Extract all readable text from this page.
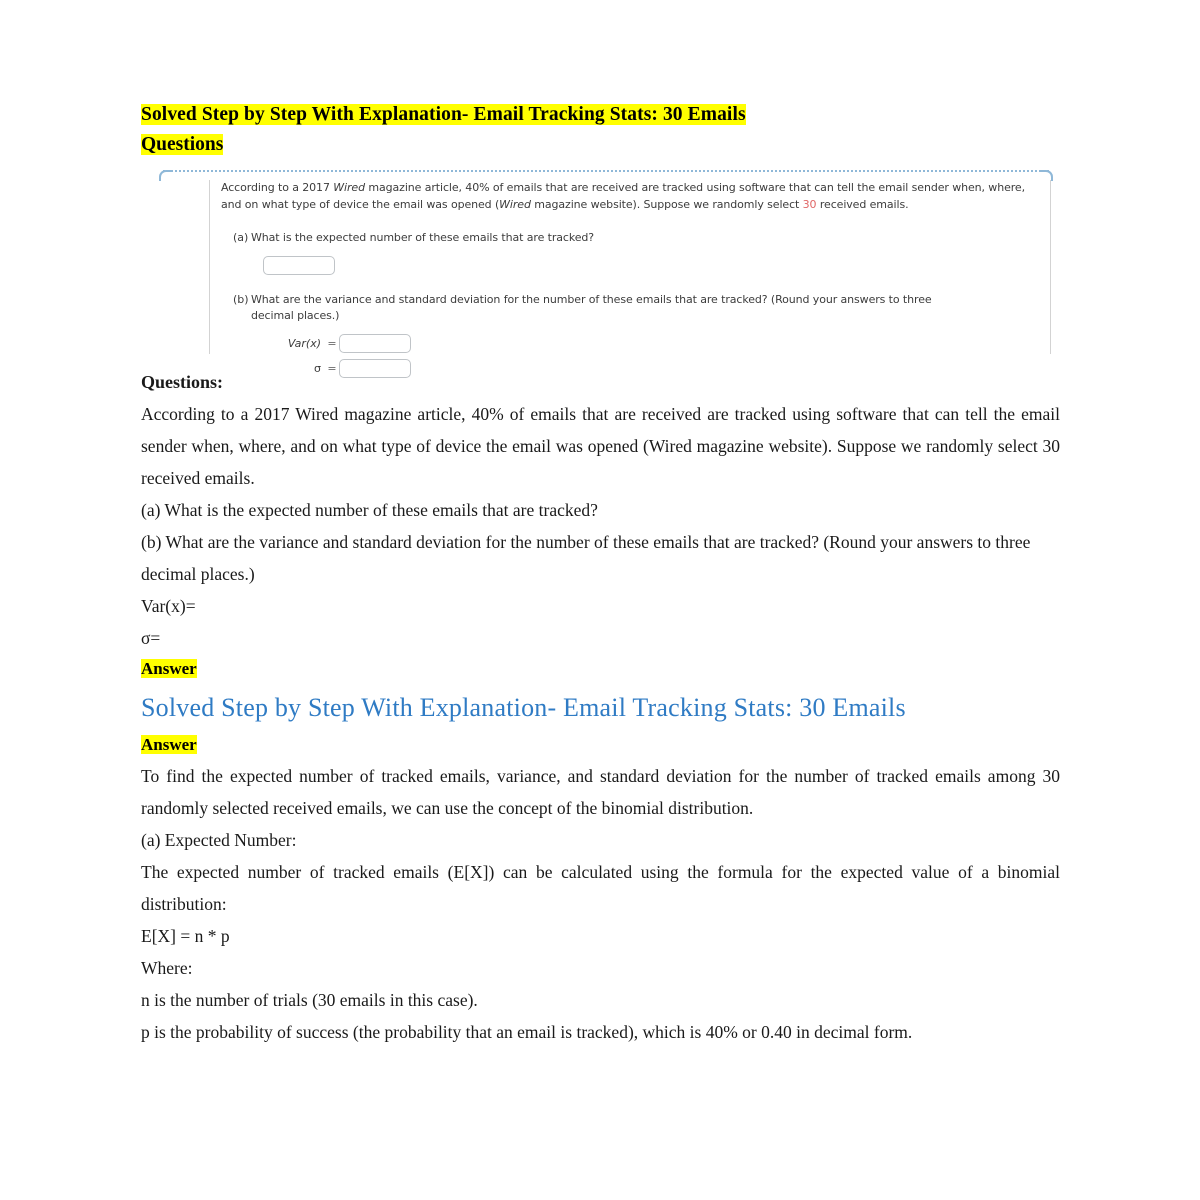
Solved Step by Step With Explanation- Email Tracking Stats: 30 Emails
Questions

According to a 2017 Wired magazine article, 40% of emails that are received are tracked using software that can tell the email sender when, where, and on what type of device the email was opened (Wired magazine website). Suppose we randomly select 30 received emails.

(a) What is the expected number of these emails that are tracked?
(b) What are the variance and standard deviation for the number of these emails that are tracked? (Round your answers to three decimal places.)
Var(x) =
σ =
Questions:

According to a 2017 Wired magazine article, 40% of emails that are received are tracked using software that can tell the email sender when, where, and on what type of device the email was opened (Wired magazine website). Suppose we randomly select 30 received emails.

(a) What is the expected number of these emails that are tracked?

(b) What are the variance and standard deviation for the number of these emails that are tracked? (Round your answers to three decimal places.)

Var(x)=
σ=
Answer
Solved Step by Step With Explanation- Email Tracking Stats: 30 Emails
Answer

To find the expected number of tracked emails, variance, and standard deviation for the number of tracked emails among 30 randomly selected received emails, we can use the concept of the binomial distribution.

(a) Expected Number:

The expected number of tracked emails (E[X]) can be calculated using the formula for the expected value of a binomial distribution:

E[X] = n * p
Where:
n is the number of trials (30 emails in this case).

p is the probability of success (the probability that an email is tracked), which is 40% or 0.40 in decimal form.
